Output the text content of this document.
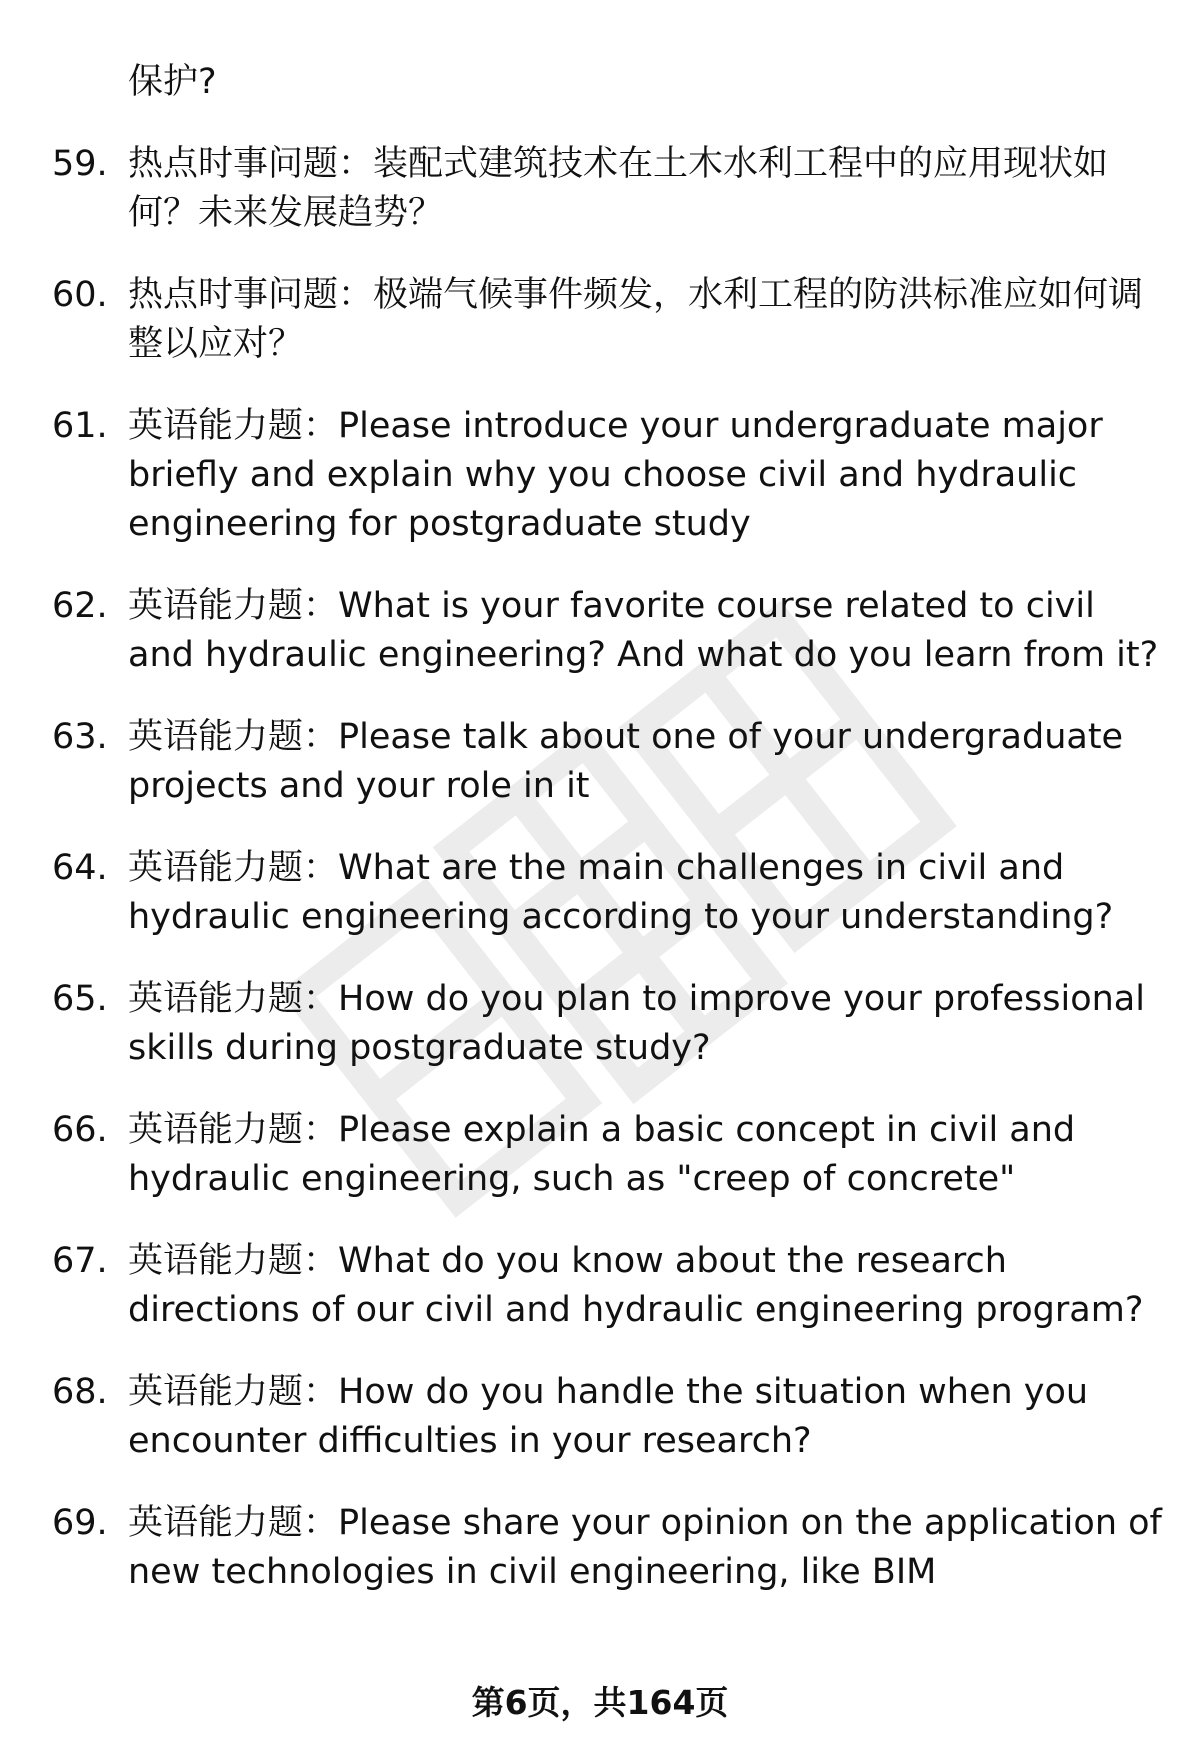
保护?
59. 热点时事问题：装配式建筑技术在土木水利工程中的应用现状如何？未来发展趋势？
60. 热点时事问题：极端气候事件频发，水利工程的防洪标准应如何调整以应对？
61. 英语能力题：Please introduce your undergraduate major briefly and explain why you choose civil and hydraulic engineering for postgraduate study
62. 英语能力题：What is your favorite course related to civil and hydraulic engineering? And what do you learn from it?
63. 英语能力题：Please talk about one of your undergraduate projects and your role in it
64. 英语能力题：What are the main challenges in civil and hydraulic engineering according to your understanding?
65. 英语能力题：How do you plan to improve your professional skills during postgraduate study?
66. 英语能力题：Please explain a basic concept in civil and hydraulic engineering, such as "creep of concrete"
67. 英语能力题：What do you know about the research directions of our civil and hydraulic engineering program?
68. 英语能力题：How do you handle the situation when you encounter difficulties in your research?
69. 英语能力题：Please share your opinion on the application of new technologies in civil engineering, like BIM
第6页，共164页
